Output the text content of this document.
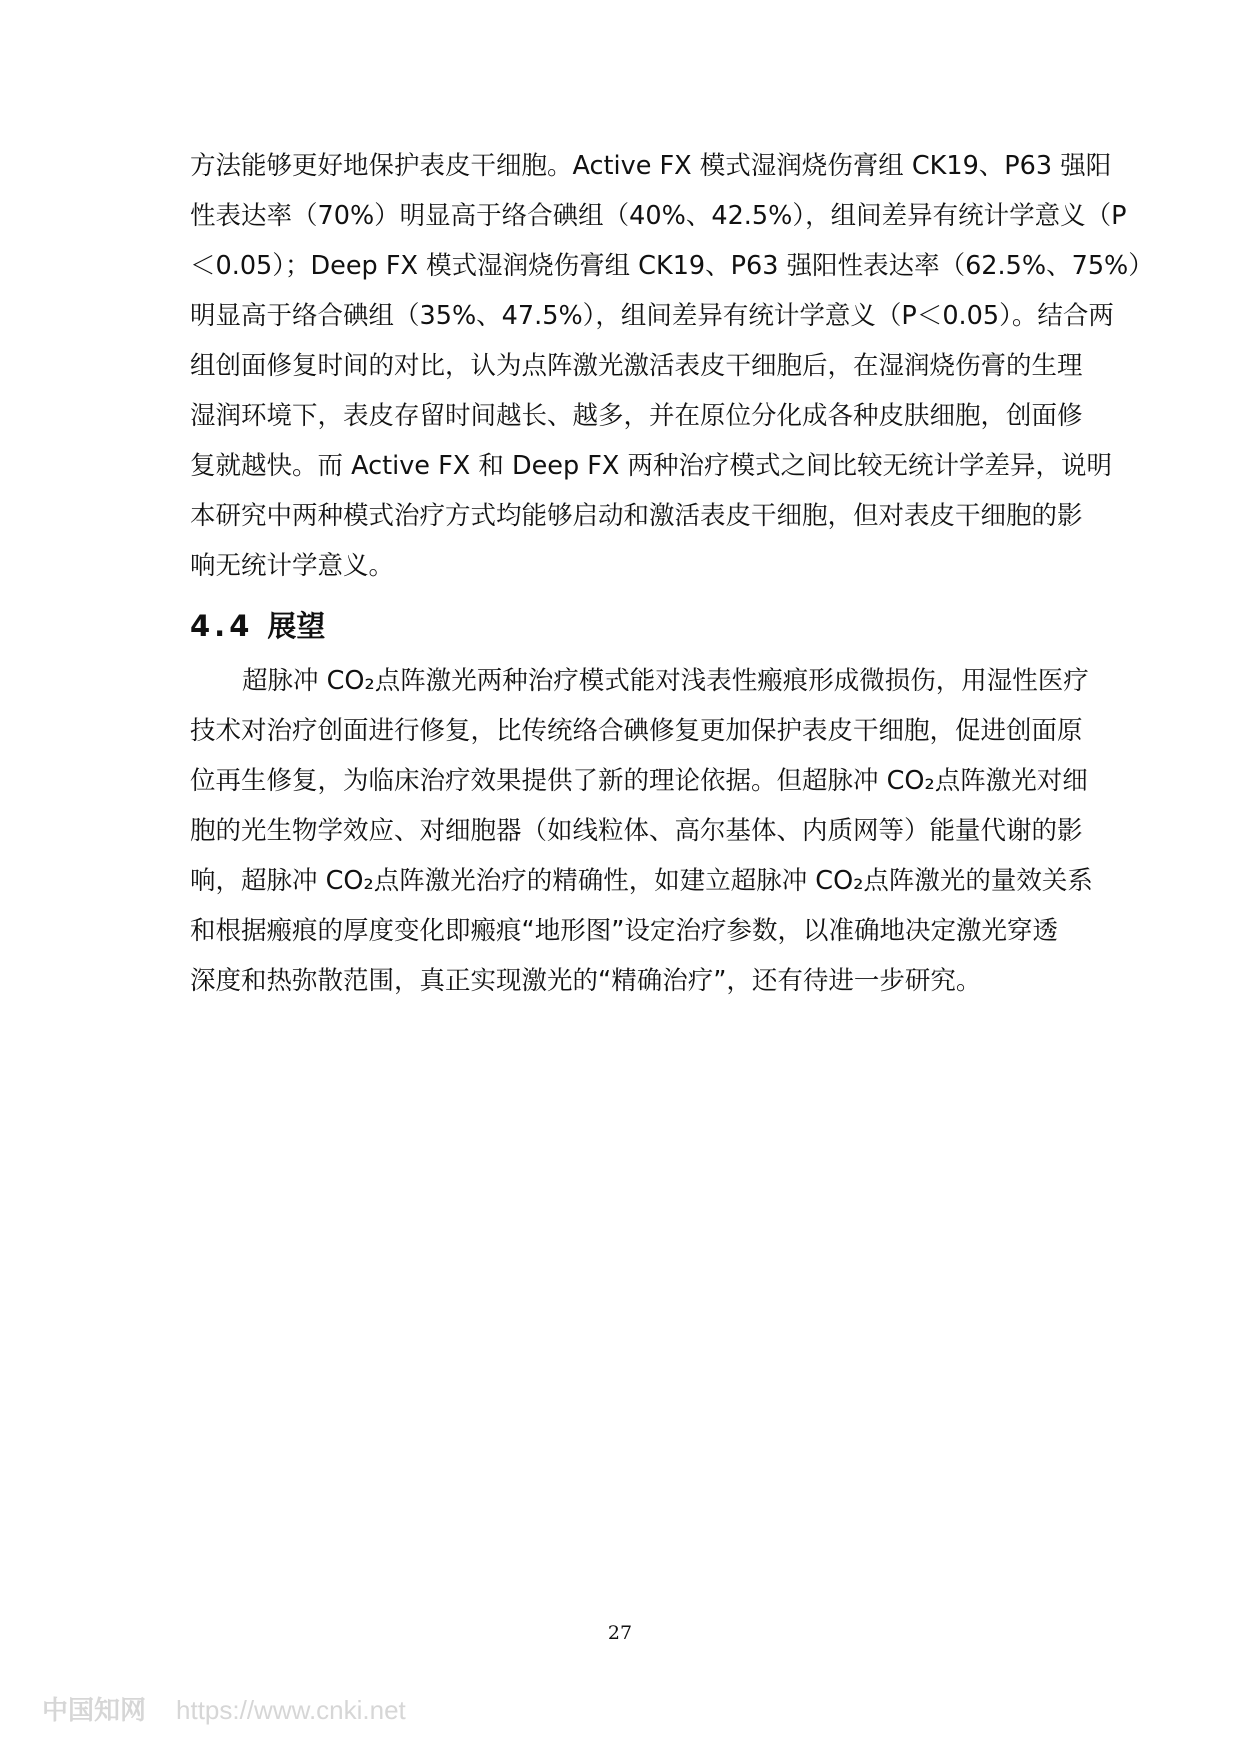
方法能够更好地保护表皮干细胞。Active FX 模式湿润烧伤膏组 CK19、P63 强阳
性表达率（70%）明显高于络合碘组（40%、42.5%），组间差异有统计学意义（P
＜0.05）；Deep FX 模式湿润烧伤膏组 CK19、P63 强阳性表达率（62.5%、75%）
明显高于络合碘组（35%、47.5%），组间差异有统计学意义（P＜0.05）。结合两
组创面修复时间的对比，认为点阵激光激活表皮干细胞后，在湿润烧伤膏的生理
湿润环境下，表皮存留时间越长、越多，并在原位分化成各种皮肤细胞，创面修
复就越快。而 Active FX 和 Deep FX 两种治疗模式之间比较无统计学差异，说明
本研究中两种模式治疗方式均能够启动和激活表皮干细胞，但对表皮干细胞的影
响无统计学意义。
4.4 展望
超脉冲 CO₂点阵激光两种治疗模式能对浅表性瘢痕形成微损伤，用湿性医疗
技术对治疗创面进行修复，比传统络合碘修复更加保护表皮干细胞，促进创面原
位再生修复，为临床治疗效果提供了新的理论依据。但超脉冲 CO₂点阵激光对细
胞的光生物学效应、对细胞器（如线粒体、高尔基体、内质网等）能量代谢的影
响，超脉冲 CO₂点阵激光治疗的精确性，如建立超脉冲 CO₂点阵激光的量效关系
和根据瘢痕的厚度变化即瘢痕“地形图”设定治疗参数，以准确地决定激光穿透
深度和热弥散范围，真正实现激光的“精确治疗”，还有待进一步研究。
27
中国知网 https://www.cnki.net
